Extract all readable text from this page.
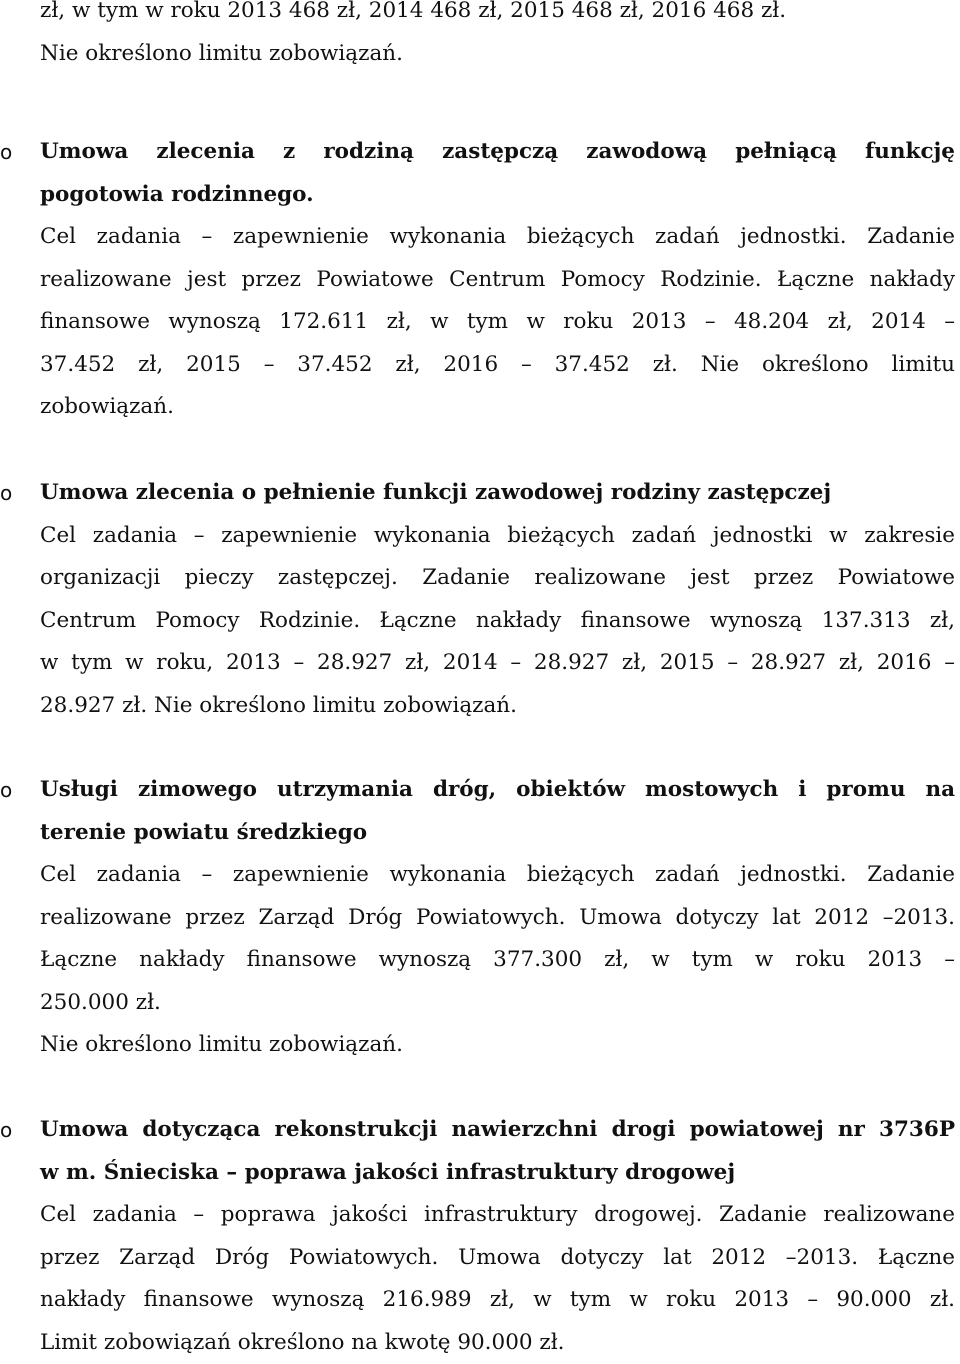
zł, w tym w roku 2013 468 zł, 2014 468 zł, 2015 468 zł, 2016 468 zł.
Nie określono limitu zobowiązań.
o	Umowa zlecenia z rodziną zastępczą zawodową pełniącą funkcję
pogotowia rodzinnego.
Cel zadania – zapewnienie wykonania bieżących zadań jednostki. Zadanie
realizowane jest przez Powiatowe Centrum Pomocy Rodzinie. Łączne nakłady
finansowe wynoszą 172.611 zł, w tym w roku 2013 – 48.204 zł, 2014 –
37.452 zł, 2015 – 37.452 zł, 2016 – 37.452 zł. Nie określono limitu
zobowiązań.
o	Umowa zlecenia o pełnienie funkcji zawodowej rodziny zastępczej
Cel zadania – zapewnienie wykonania bieżących zadań jednostki w zakresie
organizacji pieczy zastępczej. Zadanie realizowane jest przez Powiatowe
Centrum Pomocy Rodzinie. Łączne nakłady finansowe wynoszą 137.313 zł,
w tym w roku, 2013 – 28.927 zł, 2014 – 28.927 zł, 2015 – 28.927 zł, 2016 –
28.927 zł. Nie określono limitu zobowiązań.
o	Usługi zimowego utrzymania dróg, obiektów mostowych i promu na
terenie powiatu średzkiego
Cel zadania – zapewnienie wykonania bieżących zadań jednostki. Zadanie
realizowane przez Zarząd Dróg Powiatowych. Umowa dotyczy lat 2012 –2013.
Łączne nakłady finansowe wynoszą 377.300 zł, w tym w roku 2013 –
250.000 zł.
Nie określono limitu zobowiązań.
o	Umowa dotycząca rekonstrukcji nawierzchni drogi powiatowej nr 3736P
w m. Śnieciska – poprawa jakości infrastruktury drogowej
Cel zadania – poprawa jakości infrastruktury drogowej. Zadanie realizowane
przez Zarząd Dróg Powiatowych. Umowa dotyczy lat 2012 –2013. Łączne
nakłady finansowe wynoszą 216.989 zł, w tym w roku 2013 – 90.000 zł.
Limit zobowiązań określono na kwotę 90.000 zł.
